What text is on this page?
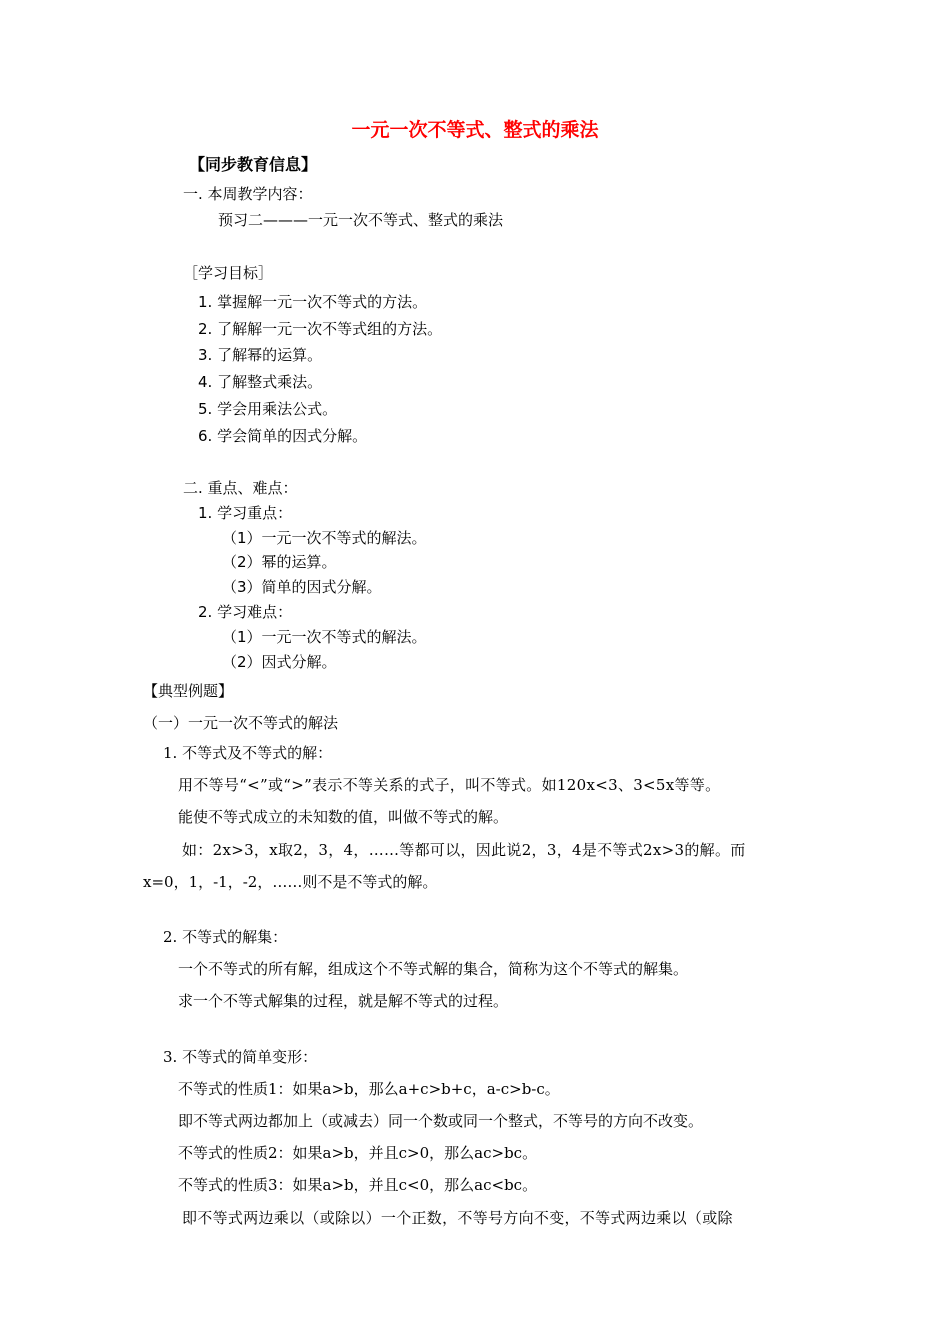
一元一次不等式、整式的乘法
【同步教育信息】
一. 本周教学内容：
预习二———一元一次不等式、整式的乘法
［学习目标］
1. 掌握解一元一次不等式的方法。
2. 了解解一元一次不等式组的方法。
3. 了解幂的运算。
4. 了解整式乘法。
5. 学会用乘法公式。
6. 学会简单的因式分解。
二. 重点、难点：
1. 学习重点：
（1）一元一次不等式的解法。
（2）幂的运算。
（3）简单的因式分解。
2. 学习难点：
（1）一元一次不等式的解法。
（2）因式分解。
【典型例题】
（一）一元一次不等式的解法
1. 不等式及不等式的解：
用不等号“<”或“>”表示不等关系的式子，叫不等式。如120x<3、3<5x等等。
能使不等式成立的未知数的值，叫做不等式的解。
如：2x>3，x取2，3，4，……等都可以，因此说2，3，4是不等式2x>3的解。而
x=0，1，-1，-2，……则不是不等式的解。
2. 不等式的解集：
一个不等式的所有解，组成这个不等式解的集合，简称为这个不等式的解集。
求一个不等式解集的过程，就是解不等式的过程。
3. 不等式的简单变形：
不等式的性质1：如果a>b，那么a+c>b+c，a-c>b-c。
即不等式两边都加上（或减去）同一个数或同一个整式，不等号的方向不改变。
不等式的性质2：如果a>b，并且c>0，那么ac>bc。
不等式的性质3：如果a>b，并且c<0，那么ac<bc。
即不等式两边乘以（或除以）一个正数，不等号方向不变，不等式两边乘以（或除
